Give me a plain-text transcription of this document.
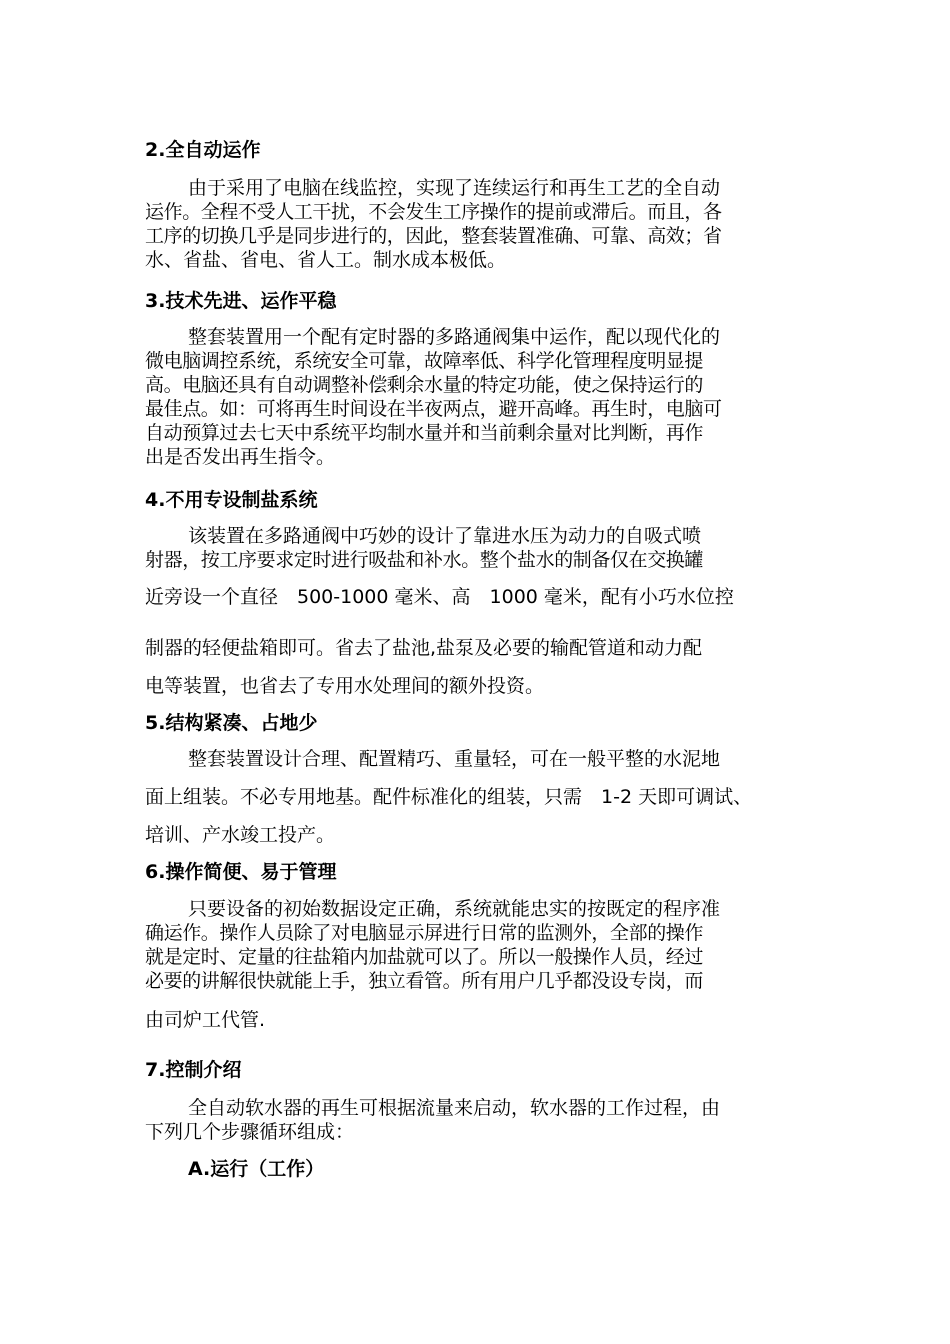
2.全自动运作
由于采用了电脑在线监控，实现了连续运行和再生工艺的全自动
运作。全程不受人工干扰，不会发生工序操作的提前或滞后。而且，各
工序的切换几乎是同步进行的，因此，整套装置准确、可靠、高效；省
水、省盐、省电、省人工。制水成本极低。
3.技术先进、运作平稳
整套装置用一个配有定时器的多路通阀集中运作，配以现代化的
微电脑调控系统，系统安全可靠，故障率低、科学化管理程度明显提
高。电脑还具有自动调整补偿剩余水量的特定功能，使之保持运行的
最佳点。如：可将再生时间设在半夜两点，避开高峰。再生时，电脑可
自动预算过去七天中系统平均制水量并和当前剩余量对比判断，再作
出是否发出再生指令。
4.不用专设制盐系统
该装置在多路通阀中巧妙的设计了靠进水压为动力的自吸式喷
射器，按工序要求定时进行吸盐和补水。整个盐水的制备仅在交换罐
近旁设一个直径　500-1000 毫米、高　1000 毫米，配有小巧水位控
制器的轻便盐箱即可。省去了盐池,盐泵及必要的输配管道和动力配
电等装置，也省去了专用水处理间的额外投资。
5.结构紧凑、占地少
整套装置设计合理、配置精巧、重量轻，可在一般平整的水泥地
面上组装。不必专用地基。配件标准化的组装，只需　1-2 天即可调试、
培训、产水竣工投产。
6.操作简便、易于管理
只要设备的初始数据设定正确，系统就能忠实的按既定的程序准
确运作。操作人员除了对电脑显示屏进行日常的监测外，全部的操作
就是定时、定量的往盐箱内加盐就可以了。所以一般操作人员，经过
必要的讲解很快就能上手，独立看管。所有用户几乎都没设专岗，而
由司炉工代管.
7.控制介绍
全自动软水器的再生可根据流量来启动，软水器的工作过程，由
下列几个步骤循环组成：
A.运行（工作）
